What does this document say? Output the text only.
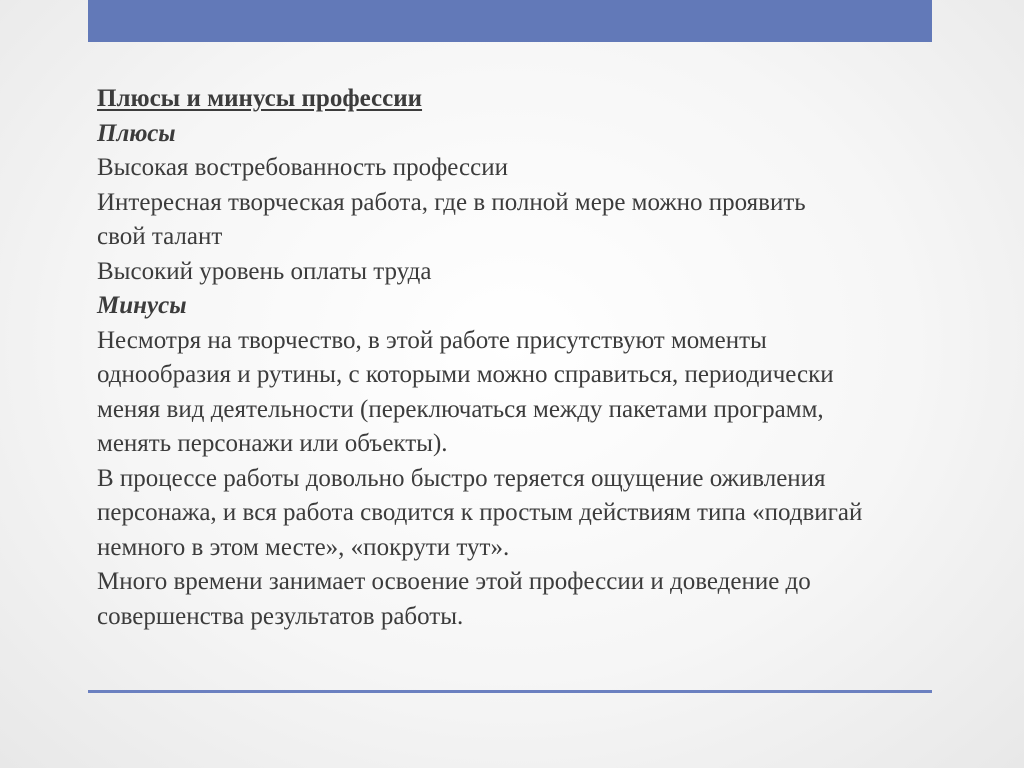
Плюсы и минусы профессии

Плюсы

Высокая востребованность профессии

Интересная творческая работа, где в полной мере можно проявить свой талант

Высокий уровень оплаты труда

Минусы

Несмотря на творчество, в этой работе присутствуют моменты однообразия и рутины, с которыми можно справиться, периодически меняя вид деятельности (переключаться между пакетами программ, менять персонажи или объекты).

В процессе работы довольно быстро теряется ощущение оживления персонажа, и вся работа сводится к простым действиям типа «подвигай немного в этом месте», «покрути тут».

Много времени занимает освоение этой профессии и доведение до совершенства результатов работы.
